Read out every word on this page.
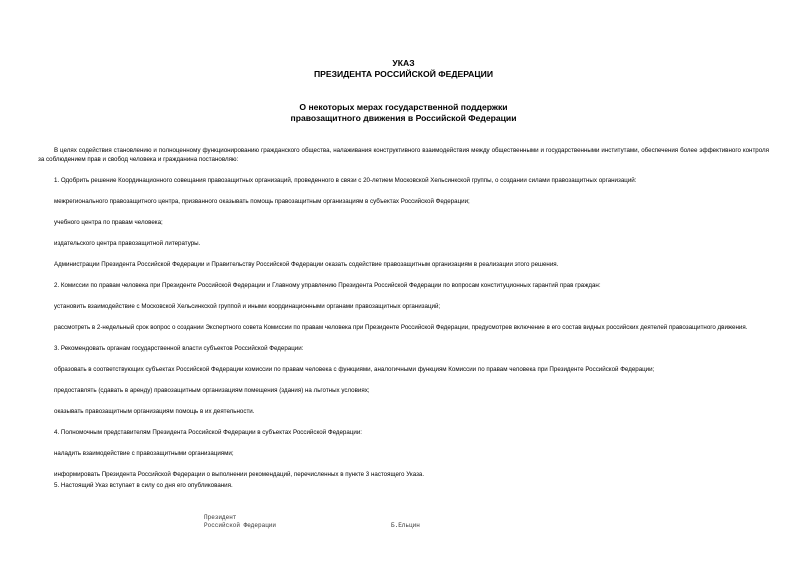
УКАЗ
ПРЕЗИДЕНТА РОССИЙСКОЙ ФЕДЕРАЦИИ
О некоторых мерах государственной поддержки
правозащитного движения в Российской Федерации
В целях содействия становлению и полноценному функционированию гражданского общества, налаживания конструктивного взаимодействия между общественными и государственными институтами, обеспечения более эффективного контроля за соблюдением прав и свобод человека и гражданина постановляю:
1. Одобрить решение Координационного совещания правозащитных организаций, проведенного в связи с 20-летием Московской Хельсинкской группы, о создании силами правозащитных организаций:
межрегионального правозащитного центра, призванного оказывать помощь правозащитным организациям в субъектах Российской Федерации;
учебного центра по правам человека;
издательского центра правозащитной литературы.
Администрации Президента Российской Федерации и Правительству Российской Федерации оказать содействие правозащитным организациям в реализации этого решения.
2. Комиссии по правам человека при Президенте Российской Федерации и Главному управлению Президента Российской Федерации по вопросам конституционных гарантий прав граждан:
установить взаимодействие с Московской Хельсинкской группой и иными координационными органами правозащитных организаций;
рассмотреть в 2-недельный срок вопрос о создании Экспертного совета Комиссии по правам человека при Президенте Российской Федерации, предусмотрев включение в его состав видных российских деятелей правозащитного движения.
3. Рекомендовать органам государственной власти субъектов Российской Федерации:
образовать в соответствующих субъектах Российской Федерации комиссии по правам человека с функциями, аналогичными функциям Комиссии по правам человека при Президенте Российской Федерации;
предоставлять (сдавать в аренду) правозащитным организациям помещения (здания) на льготных условиях;
оказывать правозащитным организациям помощь в их деятельности.
4. Полномочным представителям Президента Российской Федерации в субъектах Российской Федерации:
наладить взаимодействие с правозащитными организациями;
информировать Президента Российской Федерации о выполнении рекомендаций, перечисленных в пункте 3 настоящего Указа.
5. Настоящий Указ вступает в силу со дня его опубликования.
Президент
Российской Федерации	Б.Ельцин
